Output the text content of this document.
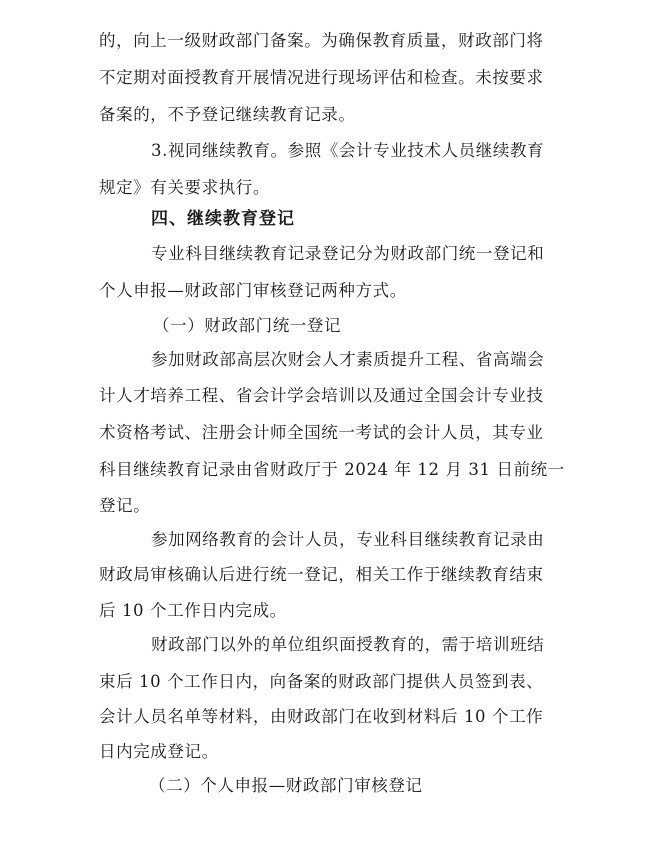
的，向上一级财政部门备案。为确保教育质量，财政部门将
不定期对面授教育开展情况进行现场评估和检查。未按要求
备案的，不予登记继续教育记录。
3.视同继续教育。参照《会计专业技术人员继续教育
规定》有关要求执行。
四、继续教育登记
专业科目继续教育记录登记分为财政部门统一登记和
个人申报—财政部门审核登记两种方式。
（一）财政部门统一登记
参加财政部高层次财会人才素质提升工程、省高端会
计人才培养工程、省会计学会培训以及通过全国会计专业技
术资格考试、注册会计师全国统一考试的会计人员，其专业
科目继续教育记录由省财政厅于 2024 年 12 月 31 日前统一
登记。
参加网络教育的会计人员，专业科目继续教育记录由
财政局审核确认后进行统一登记，相关工作于继续教育结束
后 10 个工作日内完成。
财政部门以外的单位组织面授教育的，需于培训班结
束后 10 个工作日内，向备案的财政部门提供人员签到表、
会计人员名单等材料，由财政部门在收到材料后 10 个工作
日内完成登记。
（二）个人申报—财政部门审核登记
